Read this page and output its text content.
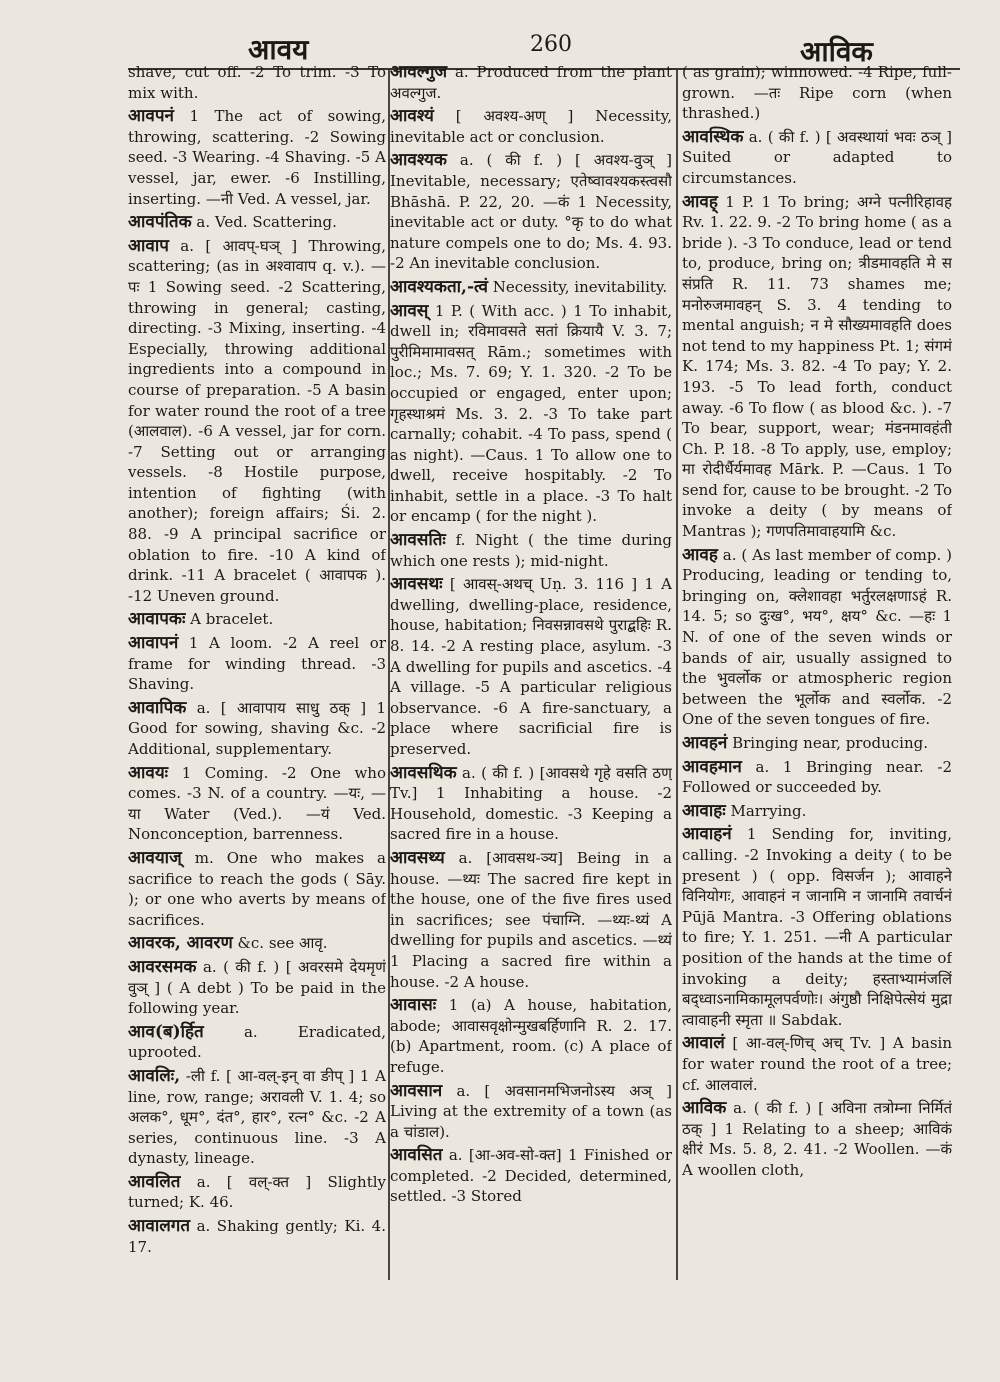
आवय	260	आविक

shave, cut off. -2 To trim. -3 To mix with.

आवपनं 1 The act of sowing, throwing, scattering. -2 Sowing seed. -3 Wearing. -4 Shaving. -5 A vessel, jar, ewer. -6 Instilling, inserting. —नी Ved. A vessel, jar.

आवपंतिक a. Ved. Scattering.

आवाप a. [ आवप्-घञ् ] Throwing, scattering; (as in अश्वावाप q. v.). —पः 1 Sowing seed. -2 Scattering, throwing in general; casting, directing. -3 Mixing, inserting. -4 Especially, throwing additional ingredients into a compound in course of preparation. -5 A basin for water round the root of a tree (आलवाल). -6 A vessel, jar for corn. -7 Setting out or arranging vessels. -8 Hostile purpose, intention of fighting (with another); foreign affairs; Śi. 2. 88. -9 A principal sacrifice or oblation to fire. -10 A kind of drink. -11 A bracelet ( आवापक ). -12 Uneven ground.

आवापकः A bracelet.

आवापनं 1 A loom. -2 A reel or frame for winding thread. -3 Shaving.

आवापिक a. [ आवापाय साधु ठक् ] 1 Good for sowing, shaving &c. -2 Additional, supplementary.

आवयः 1 Coming. -2 One who comes. -3 N. of a country. —यः, —या Water (Ved.). —यं Ved. Nonconception, barrenness.

आवयाज् m. One who makes a sacrifice to reach the gods ( Sāy. ); or one who averts by means of sacrifices.

आवरक, आवरण &c. see आवृ.

आवरसमक a. ( की f. ) [ अवरसमे देयमृणं वुञ् ] ( A debt ) To be paid in the following year.

आव(ब)र्हित	a. Eradicated, uprooted.

आवलिः, -ली f. [ आ-वल्-इन् वा ङीप् ] 1 A line, row, range; अरावली V. 1. 4; so अलक°, धूम°, दंत°, हार°, रत्न° &c. -2 A series, continuous line. -3 A dynasty, lineage.

आवलित a. [ वल्-क्त ] Slightly turned; K. 46.

आवालगत a. Shaking gently; Ki. 4. 17.

आवल्गुज a. Produced from the plant अवल्गुज.

आवश्यं [ अवश्य-अण् ] Necessity, inevitable act or conclusion.

आवश्यक a. ( की f. ) [ अवश्य-वुञ् ] Inevitable, necessary; एतेष्वावश्यकस्त्वसौ Bhāshā. P. 22, 20. —कं 1 Necessity, inevitable act or duty. °कृ to do what nature compels one to do; Ms. 4. 93. -2 An inevitable conclusion.

आवश्यकता,-त्वं Necessity, inevitability.

आवस् 1 P. ( With acc. ) 1 To inhabit, dwell in; रविमावसते सतां क्रियायै V. 3. 7; पुरीमिमामावसत् Rām.; sometimes with loc.; Ms. 7. 69; Y. 1. 320. -2 To be occupied or engaged, enter upon; गृहस्थाश्रमं Ms. 3. 2. -3 To take part carnally; cohabit. -4 To pass, spend ( as night). —Caus. 1 To allow one to dwell, receive hospitably. -2 To inhabit, settle in a place. -3 To halt or encamp ( for the night ).

आवसतिः f. Night ( the time during which one rests ); mid-night.

आवसथः [ आवस्-अथच् Uṇ. 3. 116 ] 1 A dwelling, dwelling-place, residence, house, habitation; निवसन्नावसथे पुराद्बहिः R. 8. 14. -2 A resting place, asylum. -3 A dwelling for pupils and ascetics. -4 A village. -5 A particular religious observance. -6 A fire-sanctuary, a place where sacrificial fire is preserved.

आवसथिक a. ( की f. ) [आवसथे गृहे वसति ठण् Tv.] 1 Inhabiting a house. -2 Household, domestic. -3 Keeping a sacred fire in a house.

आवसथ्य a. [आवसथ-ञ्य] Being in a house. —थ्यः The sacred fire kept in the house, one of the five fires used in sacrifices; see पंचाग्नि. —थ्यः-थ्यं A dwelling for pupils and ascetics. —थ्यं 1 Placing a sacred fire within a house. -2 A house.

आवासः 1 (a) A house, habitation, abode; आवासवृक्षोन्मुखबर्हिणानि R. 2. 17. (b) Apartment, room. (c) A place of refuge.

आवसान a. [ अवसानमभिजनोऽस्य अञ् ] Living at the extremity of a town (as a चांडाल).

आवसित a. [आ-अव-सो-क्त] 1 Finished or completed. -2 Decided, determined, settled. -3 Stored

( as grain); winnowed. -4 Ripe, full-grown. —तः Ripe corn (when thrashed.)

आवस्थिक a. ( की f. ) [ अवस्थायां भवः ठञ् ] Suited or adapted to circumstances.

आवह् 1 P. 1 To bring; अग्ने पत्नीरिहावह Rv. 1. 22. 9. -2 To bring home ( as a bride ). -3 To conduce, lead or tend to, produce, bring on; त्रीडमावहति मे स संप्रति R. 11. 73 shames me; मनोरुजमावहन् S. 3. 4 tending to mental anguish; न मे सौख्यमावहति does not tend to my happiness Pt. 1; संगमं K. 174; Ms. 3. 82. -4 To pay; Y. 2. 193. -5 To lead forth, conduct away. -6 To flow ( as blood &c. ). -7 To bear, support, wear; मंडनमावहंती Ch. P. 18. -8 To apply, use, employ; मा रोदीर्धैर्यमावह Mārk. P. —Caus. 1 To send for, cause to be brought. -2 To invoke a deity ( by means of Mantras ); गणपतिमावाहयामि &c.

आवह a. ( As last member of comp. ) Producing, leading or tending to, bringing on, क्लेशावहा भर्तुरलक्षणाऽहं R. 14. 5; so दुःख°, भय°, क्षय° &c. —हः 1 N. of one of the seven winds or bands of air, usually assigned to the भुवर्लोक or atmospheric region between the भूर्लोक and स्वर्लोक. -2 One of the seven tongues of fire.

आवहनं Bringing near, producing.

आवहमान a. 1 Bringing near. -2 Followed or succeeded by.

आवाहः Marrying.

आवाहनं 1 Sending for, inviting, calling. -2 Invoking a deity ( to be present ) ( opp. विसर्जन ); आवाहने विनियोगः, आवाहनं न जानामि न जानामि तवार्चनं Pūjā Mantra. -3 Offering oblations to fire; Y. 1. 251. —नी A particular position of the hands at the time of invoking a deity; हस्ताभ्यामंजलिं बद्ध्वाऽनामिकामूलपर्वणोः। अंगुष्ठौ निक्षिपेत्सेयं मुद्रा त्वावाहनी स्मृता ॥ Sabdak.

आवालं [ आ-वल्-णिच् अच् Tv. ] A basin for water round the root of a tree; cf. आलवालं.

आविक a. ( की f. ) [ अविना तत्रोम्ना निर्मितं ठक् ] 1 Relating to a sheep; आविकं क्षीरं Ms. 5. 8, 2. 41. -2 Woollen. —कं A woollen cloth,
